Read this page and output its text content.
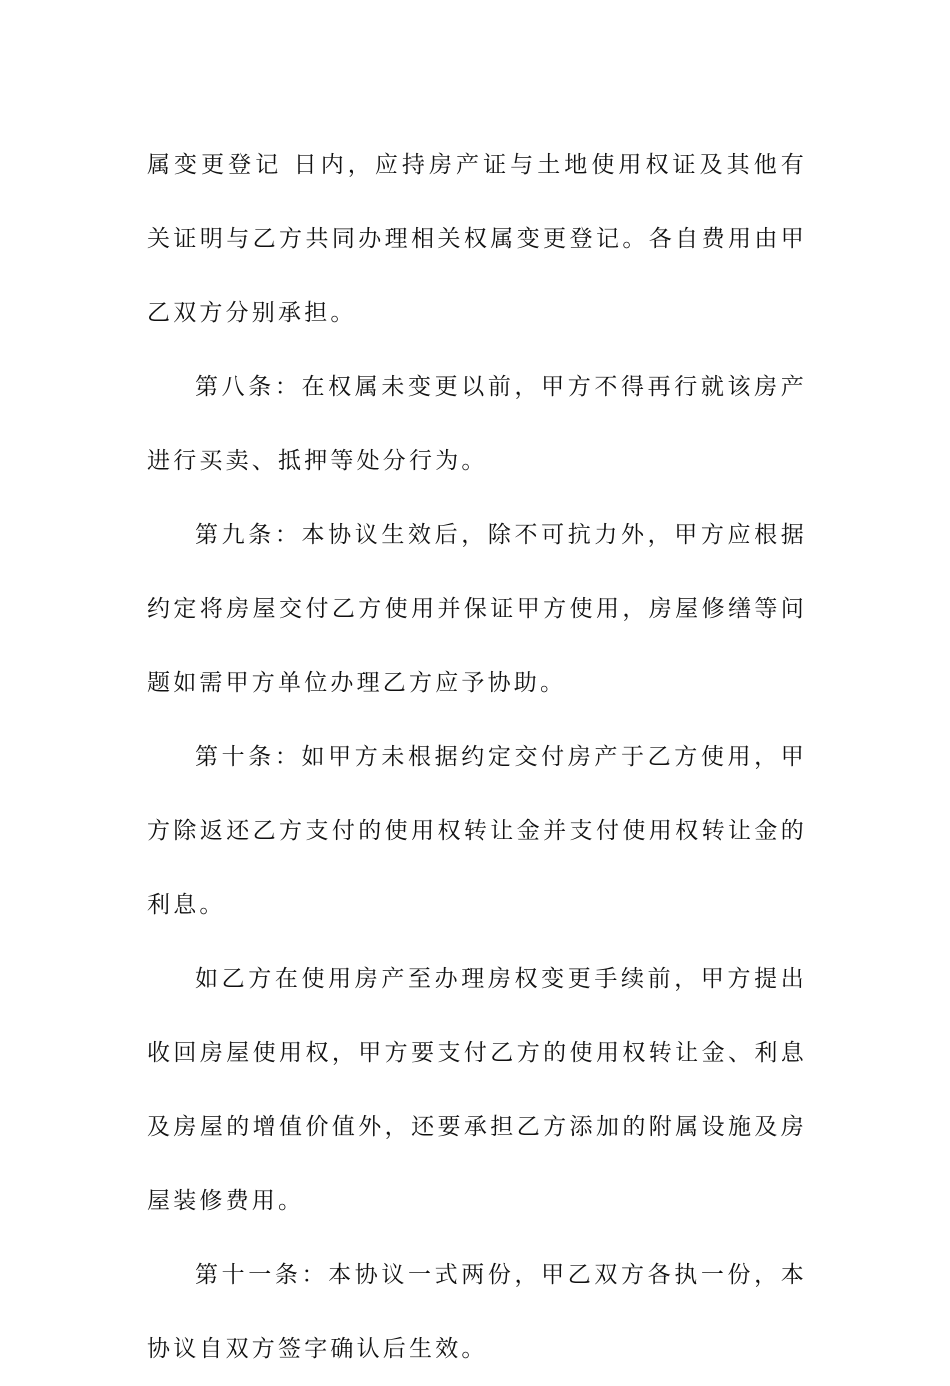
属变更登记 日内，应持房产证与土地使用权证及其他有关证明与乙方共同办理相关权属变更登记。各自费用由甲乙双方分别承担。

第八条：在权属未变更以前，甲方不得再行就该房产进行买卖、抵押等处分行为。

第九条：本协议生效后，除不可抗力外，甲方应根据约定将房屋交付乙方使用并保证甲方使用，房屋修缮等问题如需甲方单位办理乙方应予协助。

第十条：如甲方未根据约定交付房产于乙方使用，甲方除返还乙方支付的使用权转让金并支付使用权转让金的利息。

如乙方在使用房产至办理房权变更手续前，甲方提出收回房屋使用权，甲方要支付乙方的使用权转让金、利息及房屋的增值价值外，还要承担乙方添加的附属设施及房屋装修费用。

第十一条：本协议一式两份，甲乙双方各执一份，本协议自双方签字确认后生效。
